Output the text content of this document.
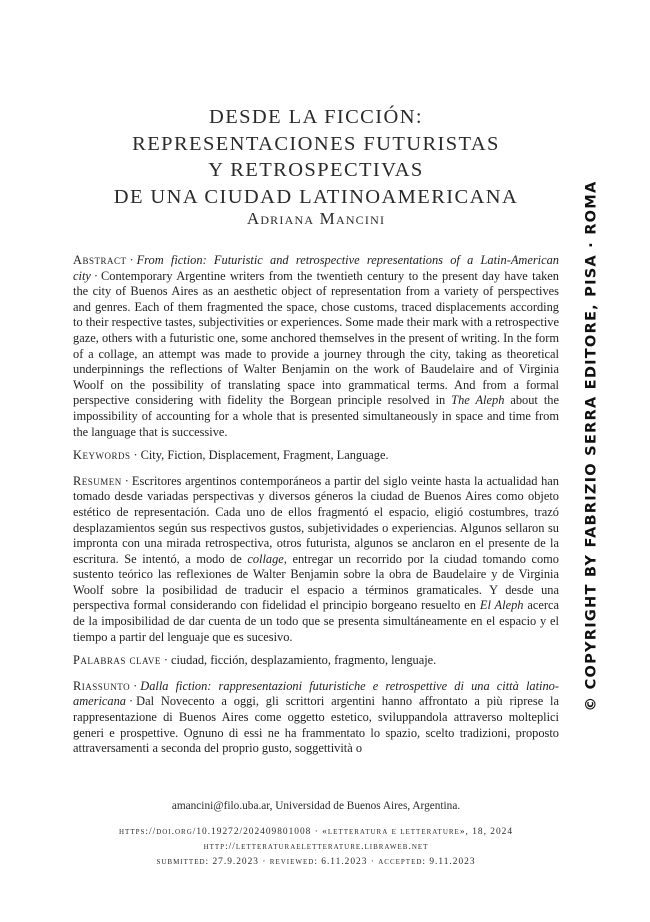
DESDE LA FICCIÓN:
REPRESENTACIONES FUTURISTAS
Y RETROSPECTIVAS
DE UNA CIUDAD LATINOAMERICANA
Adriana Mancini

Abstract · From fiction: Futuristic and retrospective representations of a Latin-American city · Contemporary Argentine writers from the twentieth century to the present day have taken the city of Buenos Aires as an aesthetic object of representation from a variety of perspectives and genres. Each of them fragmented the space, chose customs, traced displacements according to their respective tastes, subjectivities or experiences. Some made their mark with a retrospective gaze, others with a futuristic one, some anchored themselves in the present of writing. In the form of a collage, an attempt was made to provide a journey through the city, taking as theoretical underpinnings the reflections of Walter Benjamin on the work of Baudelaire and of Virginia Woolf on the possibility of translating space into grammatical terms. And from a formal perspective considering with fidelity the Borgean principle resolved in The Aleph about the impossibility of accounting for a whole that is presented simultaneously in space and time from the language that is successive.

Keywords · City, Fiction, Displacement, Fragment, Language.

Resumen · Escritores argentinos contemporáneos a partir del siglo veinte hasta la actualidad han tomado desde variadas perspectivas y diversos géneros la ciudad de Buenos Aires como objeto estético de representación. Cada uno de ellos fragmentó el espacio, eligió costumbres, trazó desplazamientos según sus respectivos gustos, subjetividades o experiencias. Algunos sellaron su impronta con una mirada retrospectiva, otros futurista, algunos se anclaron en el presente de la escritura. Se intentó, a modo de collage, entregar un recorrido por la ciudad tomando como sustento teórico las reflexiones de Walter Benjamin sobre la obra de Baudelaire y de Virginia Woolf sobre la posibilidad de traducir el espacio a términos gramaticales. Y desde una perspectiva formal considerando con fidelidad el principio borgeano resuelto en El Aleph acerca de la imposibilidad de dar cuenta de un todo que se presenta simultáneamente en el espacio y el tiempo a partir del lenguaje que es sucesivo.

Palabras clave · ciudad, ficción, desplazamiento, fragmento, lenguaje.

Riassunto · Dalla fiction: rappresentazioni futuristiche e retrospettive di una città latino-americana · Dal Novecento a oggi, gli scrittori argentini hanno affrontato a più riprese la rappresentazione di Buenos Aires come oggetto estetico, sviluppandola attraverso molteplici generi e prospettive. Ognuno di essi ne ha frammentato lo spazio, scelto tradizioni, proposto attraversamenti a seconda del proprio gusto, soggettività o

amancini@filo.uba.ar, Universidad de Buenos Aires, Argentina.
https://doi.org/10.19272/202409801008 · «letteratura e letterature», 18, 2024
http://letteraturaeletterature.libraweb.net
submitted: 27.9.2023 · reviewed: 6.11.2023 · accepted: 9.11.2023
© COPYRIGHT BY FABRIZIO SERRA EDITORE, PISA · ROMA
